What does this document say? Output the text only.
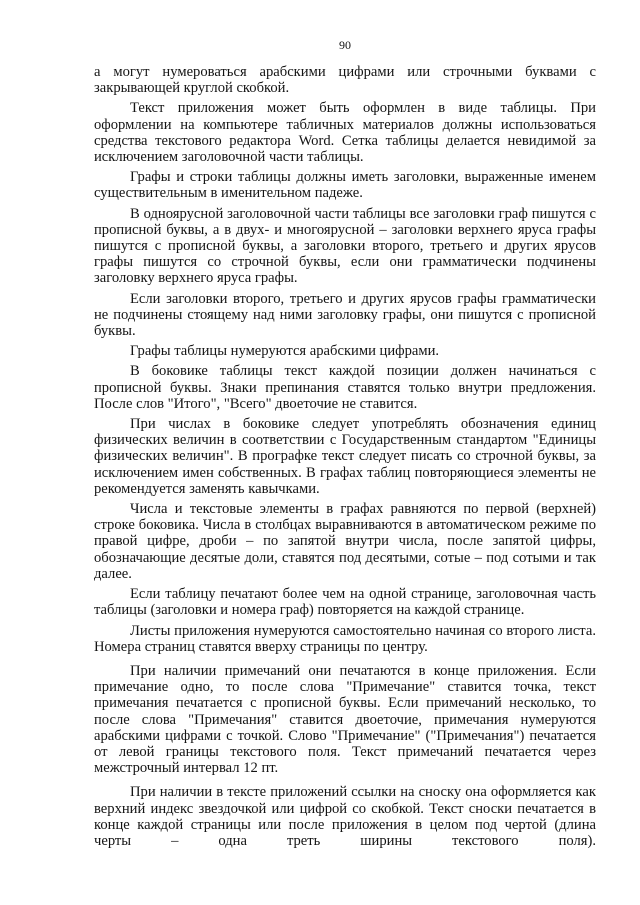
90

а могут нумероваться арабскими цифрами или строчными буквами с закрывающей круглой скобкой.

Текст приложения может быть оформлен в виде таблицы. При оформлении на компьютере табличных материалов должны использоваться средства текстового редактора Word. Сетка таблицы делается невидимой за исключением заголовочной части таблицы.

Графы и строки таблицы должны иметь заголовки, выраженные именем существительным в именительном падеже.

В одноярусной заголовочной части таблицы все заголовки граф пишутся с прописной буквы, а в двух- и многоярусной – заголовки верхнего яруса графы пишутся с прописной буквы, а заголовки второго, третьего и других ярусов графы пишутся со строчной буквы, если они грамматически подчинены заголовку верхнего яруса графы.

Если заголовки второго, третьего и других ярусов графы грамматически не подчинены стоящему над ними заголовку графы, они пишутся с прописной буквы.

Графы таблицы нумеруются арабскими цифрами.

В боковике таблицы текст каждой позиции должен начинаться с прописной буквы. Знаки препинания ставятся только внутри предложения. После слов "Итого", "Всего" двоеточие не ставится.

При числах в боковике следует употреблять обозначения единиц физических величин в соответствии с Государственным стандартом "Единицы физических величин". В прографке текст следует писать со строчной буквы, за исключением имен собственных. В графах таблиц повторяющиеся элементы не рекомендуется заменять кавычками.

Числа и текстовые элементы в графах равняются по первой (верхней) строке боковика. Числа в столбцах выравниваются в автоматическом режиме по правой цифре, дроби – по запятой внутри числа, после запятой цифры, обозначающие десятые доли, ставятся под десятыми, сотые – под сотыми и так далее.

Если таблицу печатают более чем на одной странице, заголовочная часть таблицы (заголовки и номера граф) повторяется на каждой странице.

Листы приложения нумеруются самостоятельно начиная со второго листа. Номера страниц ставятся вверху страницы по центру.

При наличии примечаний они печатаются в конце приложения. Если примечание одно, то после слова "Примечание" ставится точка, текст примечания печатается с прописной буквы. Если примечаний несколько, то после слова "Примечания" ставится двоеточие, примечания нумеруются арабскими цифрами с точкой. Слово "Примечание" ("Примечания") печатается от левой границы текстового поля. Текст примечаний печатается через межстрочный интервал 12 пт.

При наличии в тексте приложений ссылки на сноску она оформляется как верхний индекс звездочкой или цифрой со скобкой. Текст сноски печатается в конце каждой страницы или после приложения в целом под чертой (длина черты – одна треть ширины текстового поля).
